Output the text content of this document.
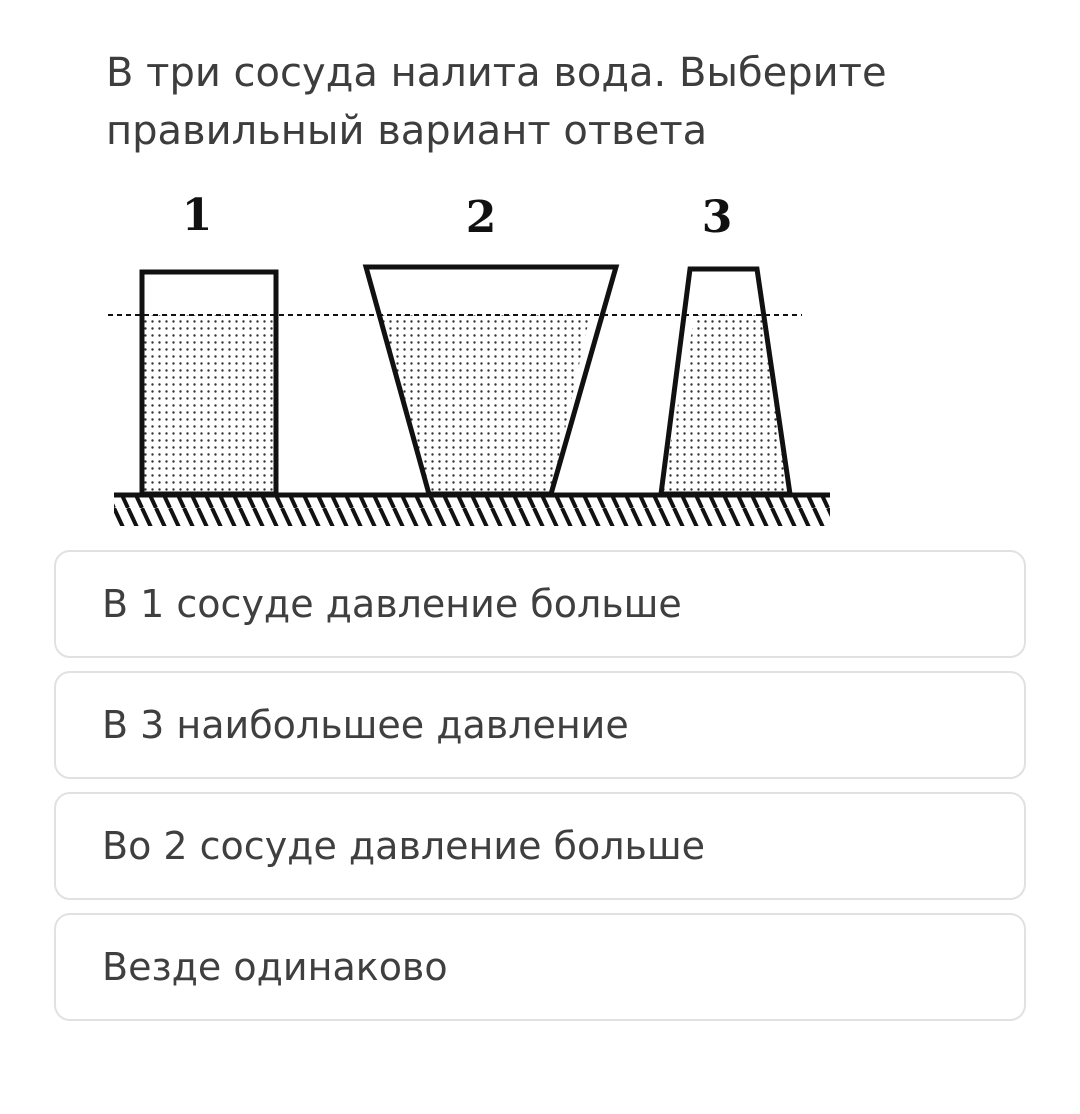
В три сосуда налита вода. Выберите правильный вариант ответа
1	2	3
В 1 сосуде давление больше
В 3 наибольшее давление
Во 2 сосуде давление больше
Везде одинаково
